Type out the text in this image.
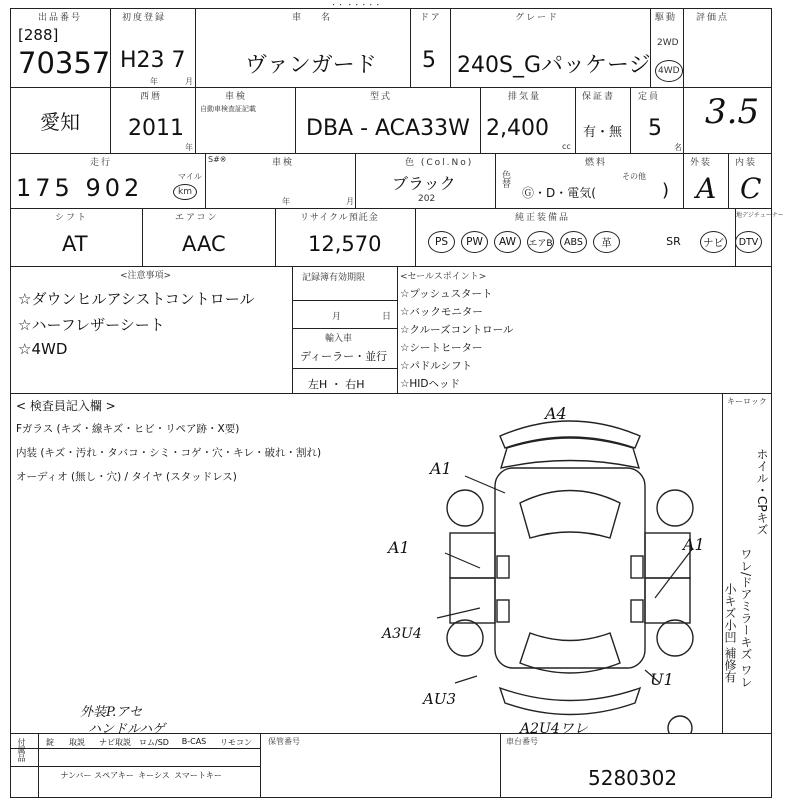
出品番号
[288]
70357
初度登録
H23 7
年	月
車名
ヴァンガード
ドア
5
グレード
240S_Gパッケージ
駆動
2WD
4WD
評価点
3.5
愛知
西暦
2011
年
車検
自動車検査証記載
型式
DBA - ACA33W
排気量
2,400
cc
保証書
有・無
定員
5
名
走行
175 902	マイル
km
S#※	車検
年	月
色 (Col.No)
ブラック
202
色替
燃料
Ⓖ・D・電気(
その他
)
外装
A
内装
C
シフト
AT
エアコン
AAC
リサイクル預託金
12,570
純正装備品	地デジチューナー
PS	PW	AW	エアB	ABS	革	SR	ナビ	DTV
<注意事項>
☆ダウンヒルアシストコントロール
☆ハーフレザーシート
☆4WD
記録簿有効期限
月	日
輸入車
ディーラー・並行
左H ・ 右H
<セールスポイント>
☆プッシュスタート
☆バックモニター
☆クルーズコントロール
☆シートヒーター
☆パドルシフト
☆HIDヘッド
< 検査員記入欄 >
Fガラス (キズ・線キズ・ヒビ・リペア跡・X要)
内装 (キズ・汚れ・タバコ・シミ・コゲ・穴・キレ・破れ・割れ)
オーディオ (無し・穴) / タイヤ (スタッドレス)
外装P.アセ
ハンドルハゲ
キーロック
ホイル・CPキズ
ワレ/ドアミラーキズ ワレ
小キズ小凹 補修有
A4
A1
A1	A1
A3U4
AU3
A2U4ワレ
U1
付属品	錠	取説	ナビ取説	ロム/SD	B-CAS	リモコン
ナンバー スペアキー キーシス スマートキー
保管番号	車台番号
5280302
・・ ・・・・・
